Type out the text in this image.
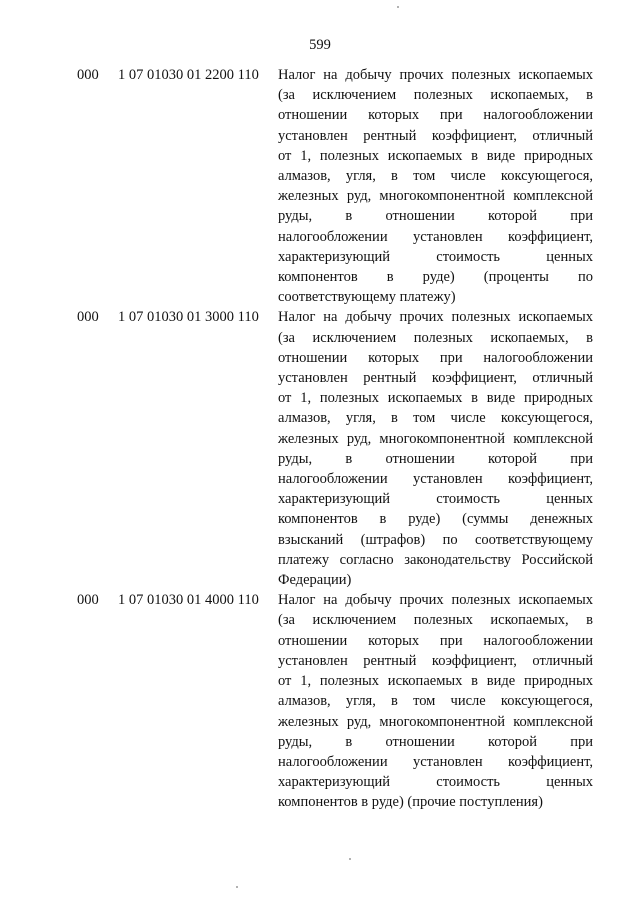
599
000 1 07 01030 01 2200 110 Налог на добычу прочих полезных ископаемых
(за исключением полезных ископаемых, в
отношении которых при налогообложении
установлен рентный коэффициент, отличный
от 1, полезных ископаемых в виде природных
алмазов, угля, в том числе коксующегося,
железных руд, многокомпонентной комплексной
руды, в отношении которой при
налогообложении установлен коэффициент,
характеризующий стоимость ценных
компонентов в руде) (проценты по
соответствующему платежу)
000 1 07 01030 01 3000 110 Налог на добычу прочих полезных ископаемых
(за исключением полезных ископаемых, в
отношении которых при налогообложении
установлен рентный коэффициент, отличный
от 1, полезных ископаемых в виде природных
алмазов, угля, в том числе коксующегося,
железных руд, многокомпонентной комплексной
руды, в отношении которой при
налогообложении установлен коэффициент,
характеризующий стоимость ценных
компонентов в руде) (суммы денежных
взысканий (штрафов) по соответствующему
платежу согласно законодательству Российской
Федерации)
000 1 07 01030 01 4000 110 Налог на добычу прочих полезных ископаемых
(за исключением полезных ископаемых, в
отношении которых при налогообложении
установлен рентный коэффициент, отличный
от 1, полезных ископаемых в виде природных
алмазов, угля, в том числе коксующегося,
железных руд, многокомпонентной комплексной
руды, в отношении которой при
налогообложении установлен коэффициент,
характеризующий стоимость ценных
компонентов в руде) (прочие поступления)
